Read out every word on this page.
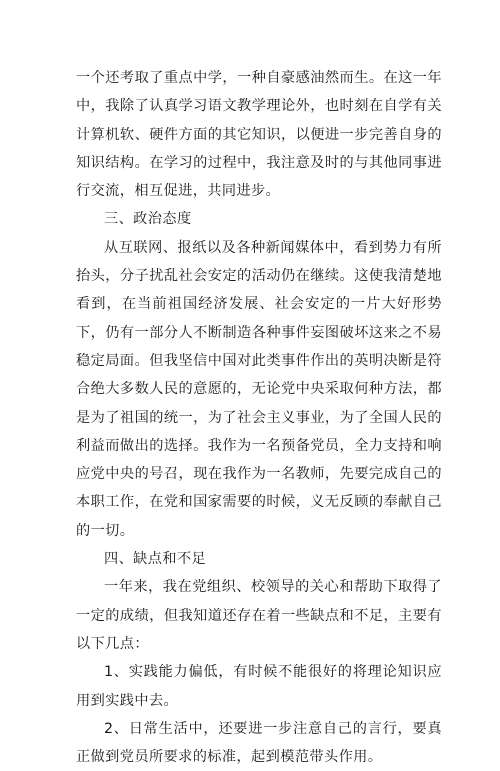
一个还考取了重点中学，一种自豪感油然而生。在这一年中，我除了认真学习语文教学理论外，也时刻在自学有关计算机软、硬件方面的其它知识，以便进一步完善自身的知识结构。在学习的过程中，我注意及时的与其他同事进行交流，相互促进，共同进步。

三、政治态度

从互联网、报纸以及各种新闻媒体中，看到势力有所抬头，分子扰乱社会安定的活动仍在继续。这使我清楚地看到，在当前祖国经济发展、社会安定的一片大好形势下，仍有一部分人不断制造各种事件妄图破坏这来之不易稳定局面。但我坚信中国对此类事件作出的英明决断是符合绝大多数人民的意愿的，无论党中央采取何种方法，都是为了祖国的统一，为了社会主义事业，为了全国人民的利益而做出的选择。我作为一名预备党员，全力支持和响应党中央的号召，现在我作为一名教师，先要完成自己的本职工作，在党和国家需要的时候，义无反顾的奉献自己的一切。

四、缺点和不足

一年来，我在党组织、校领导的关心和帮助下取得了一定的成绩，但我知道还存在着一些缺点和不足，主要有以下几点：

1、实践能力偏低，有时候不能很好的将理论知识应用到实践中去。

2、日常生活中，还要进一步注意自己的言行，要真正做到党员所要求的标准，起到模范带头作用。
